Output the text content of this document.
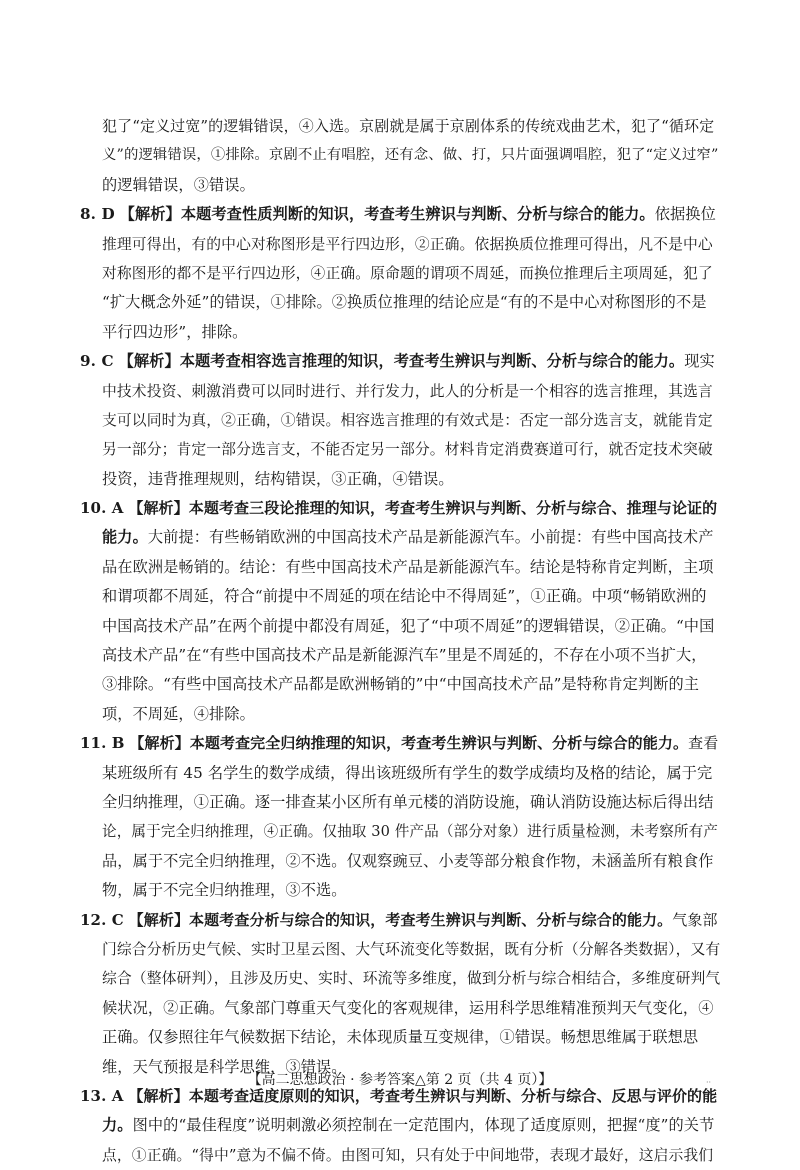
犯了“定义过宽”的逻辑错误，④入选。京剧就是属于京剧体系的传统戏曲艺术，犯了“循环定
义”的逻辑错误，①排除。京剧不止有唱腔，还有念、做、打，只片面强调唱腔，犯了“定义过窄”
的逻辑错误，③错误。
8. D 【解析】本题考查性质判断的知识，考查考生辨识与判断、分析与综合的能力。依据换位
推理可得出，有的中心对称图形是平行四边形，②正确。依据换质位推理可得出，凡不是中心
对称图形的都不是平行四边形，④正确。原命题的谓项不周延，而换位推理后主项周延，犯了
“扩大概念外延”的错误，①排除。②换质位推理的结论应是“有的不是中心对称图形的不是
平行四边形”，排除。
9. C 【解析】本题考查相容选言推理的知识，考查考生辨识与判断、分析与综合的能力。现实
中技术投资、刺激消费可以同时进行、并行发力，此人的分析是一个相容的选言推理，其选言
支可以同时为真，②正确，①错误。相容选言推理的有效式是：否定一部分选言支，就能肯定
另一部分；肯定一部分选言支，不能否定另一部分。材料肯定消费赛道可行，就否定技术突破
投资，违背推理规则，结构错误，③正确，④错误。
10. A 【解析】本题考查三段论推理的知识，考查考生辨识与判断、分析与综合、推理与论证的
能力。大前提：有些畅销欧洲的中国高技术产品是新能源汽车。小前提：有些中国高技术产
品在欧洲是畅销的。结论：有些中国高技术产品是新能源汽车。结论是特称肯定判断，主项
和谓项都不周延，符合“前提中不周延的项在结论中不得周延”，①正确。中项“畅销欧洲的
中国高技术产品”在两个前提中都没有周延，犯了“中项不周延”的逻辑错误，②正确。“中国
高技术产品”在“有些中国高技术产品是新能源汽车”里是不周延的，不存在小项不当扩大，
③排除。“有些中国高技术产品都是欧洲畅销的”中“中国高技术产品”是特称肯定判断的主
项，不周延，④排除。
11. B 【解析】本题考查完全归纳推理的知识，考查考生辨识与判断、分析与综合的能力。查看
某班级所有 45 名学生的数学成绩，得出该班级所有学生的数学成绩均及格的结论，属于完
全归纳推理，①正确。逐一排查某小区所有单元楼的消防设施，确认消防设施达标后得出结
论，属于完全归纳推理，④正确。仅抽取 30 件产品（部分对象）进行质量检测，未考察所有产
品，属于不完全归纳推理，②不选。仅观察豌豆、小麦等部分粮食作物，未涵盖所有粮食作
物，属于不完全归纳推理，③不选。
12. C 【解析】本题考查分析与综合的知识，考查考生辨识与判断、分析与综合的能力。气象部
门综合分析历史气候、实时卫星云图、大气环流变化等数据，既有分析（分解各类数据），又有
综合（整体研判），且涉及历史、实时、环流等多维度，做到分析与综合相结合，多维度研判气
候状况，②正确。气象部门尊重天气变化的客观规律，运用科学思维精准预判天气变化，④
正确。仅参照往年气候数据下结论，未体现质量互变规律，①错误。畅想思维属于联想思
维，天气预报是科学思维，③错误。
13. A 【解析】本题考查适度原则的知识，考查考生辨识与判断、分析与综合、反思与评价的能
力。图中的“最佳程度”说明刺激必须控制在一定范围内，体现了适度原则，把握“度”的关节
点，①正确。“得中”意为不偏不倚。由图可知，只有处于中间地带，表现才最好，这启示我们
【高二思想政治 · 参考答案△第 2 页（共 4 页）】	··
